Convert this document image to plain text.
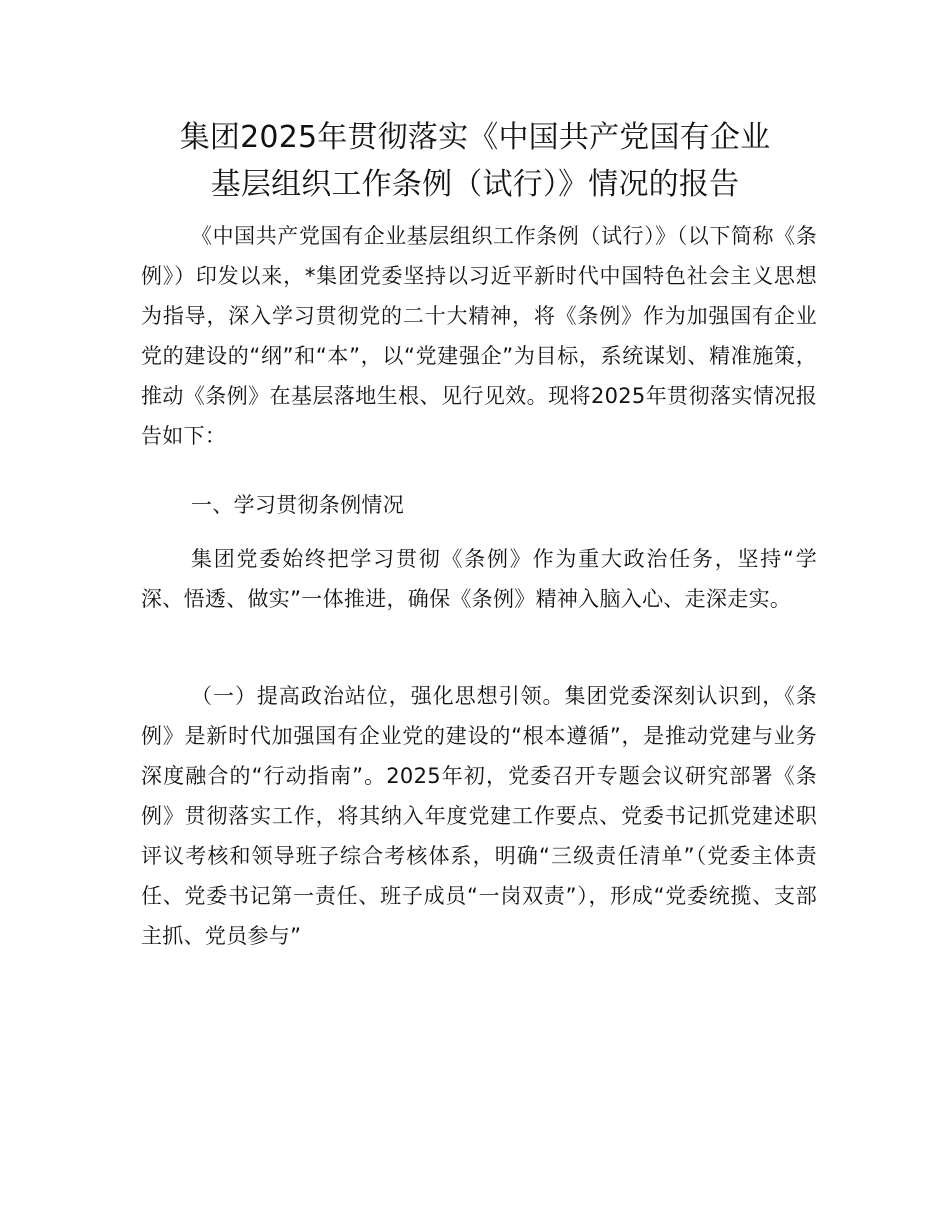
集团2025年贯彻落实《中国共产党国有企业
基层组织工作条例（试行）》情况的报告

《中国共产党国有企业基层组织工作条例（试行）》（以下简称《条例》）印发以来，*集团党委坚持以习近平新时代中国特色社会主义思想为指导，深入学习贯彻党的二十大精神，将《条例》作为加强国有企业党的建设的“纲”和“本”，以“党建强企”为目标，系统谋划、精准施策，推动《条例》在基层落地生根、见行见效。现将2025年贯彻落实情况报告如下：

一、学习贯彻条例情况

集团党委始终把学习贯彻《条例》作为重大政治任务，坚持“学深、悟透、做实”一体推进，确保《条例》精神入脑入心、走深走实。

（一）提高政治站位，强化思想引领。集团党委深刻认识到，《条例》是新时代加强国有企业党的建设的“根本遵循”，是推动党建与业务深度融合的“行动指南”。2025年初，党委召开专题会议研究部署《条例》贯彻落实工作，将其纳入年度党建工作要点、党委书记抓党建述职评议考核和领导班子综合考核体系，明确“三级责任清单”（党委主体责任、党委书记第一责任、班子成员“一岗双责”），形成“党委统揽、支部主抓、党员参与”
